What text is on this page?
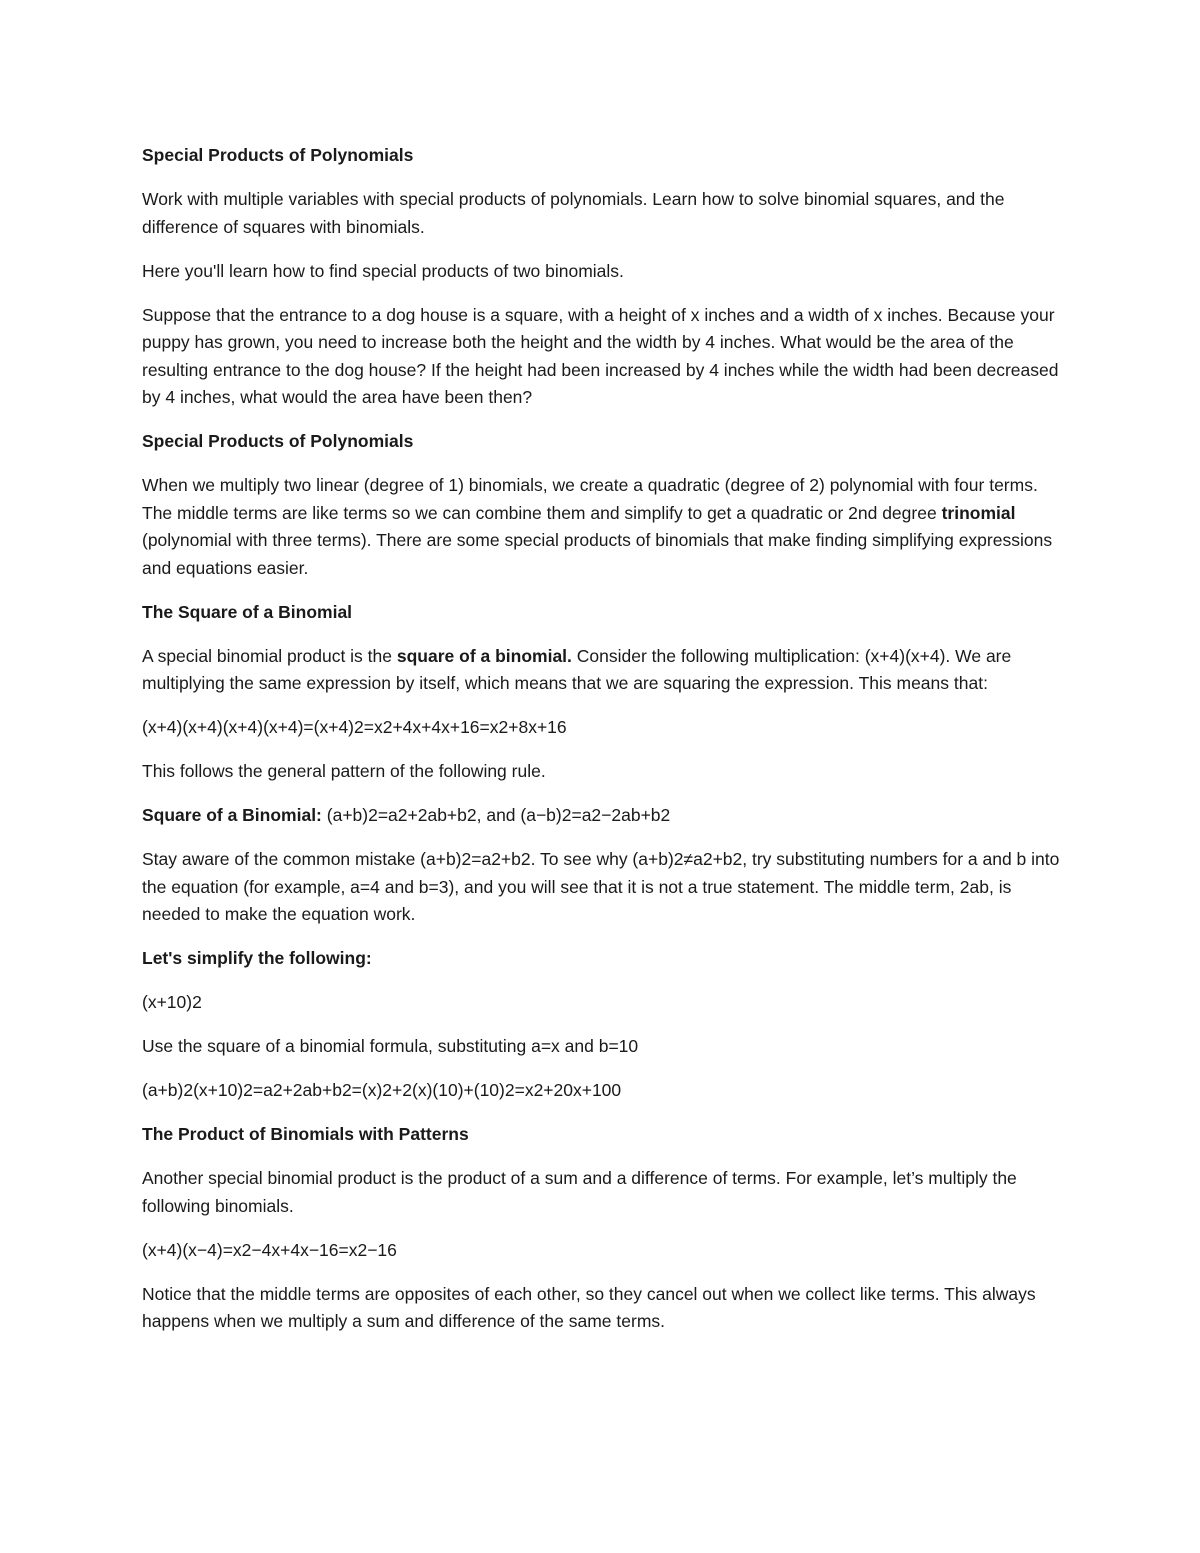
Special Products of Polynomials

Work with multiple variables with special products of polynomials. Learn how to solve binomial squares, and the difference of squares with binomials.

Here you'll learn how to find special products of two binomials.

Suppose that the entrance to a dog house is a square, with a height of x inches and a width of x inches. Because your puppy has grown, you need to increase both the height and the width by 4 inches. What would be the area of the resulting entrance to the dog house? If the height had been increased by 4 inches while the width had been decreased by 4 inches, what would the area have been then?

Special Products of Polynomials

When we multiply two linear (degree of 1) binomials, we create a quadratic (degree of 2) polynomial with four terms. The middle terms are like terms so we can combine them and simplify to get a quadratic or 2nd degree trinomial (polynomial with three terms). There are some special products of binomials that make finding simplifying expressions and equations easier.

The Square of a Binomial

A special binomial product is the square of a binomial. Consider the following multiplication: (x+4)(x+4). We are multiplying the same expression by itself, which means that we are squaring the expression. This means that:

(x+4)(x+4)(x+4)(x+4)=(x+4)2=x2+4x+4x+16=x2+8x+16

This follows the general pattern of the following rule.

Square of a Binomial: (a+b)2=a2+2ab+b2, and (a−b)2=a2−2ab+b2

Stay aware of the common mistake (a+b)2=a2+b2. To see why (a+b)2≠a2+b2, try substituting numbers for a and b into the equation (for example, a=4 and b=3), and you will see that it is not a true statement. The middle term, 2ab, is needed to make the equation work.

Let's simplify the following:

(x+10)2

Use the square of a binomial formula, substituting a=x and b=10

(a+b)2(x+10)2=a2+2ab+b2=(x)2+2(x)(10)+(10)2=x2+20x+100

The Product of Binomials with Patterns

Another special binomial product is the product of a sum and a difference of terms. For example, let’s multiply the following binomials.

(x+4)(x−4)=x2−4x+4x−16=x2−16

Notice that the middle terms are opposites of each other, so they cancel out when we collect like terms. This always happens when we multiply a sum and difference of the same terms.
